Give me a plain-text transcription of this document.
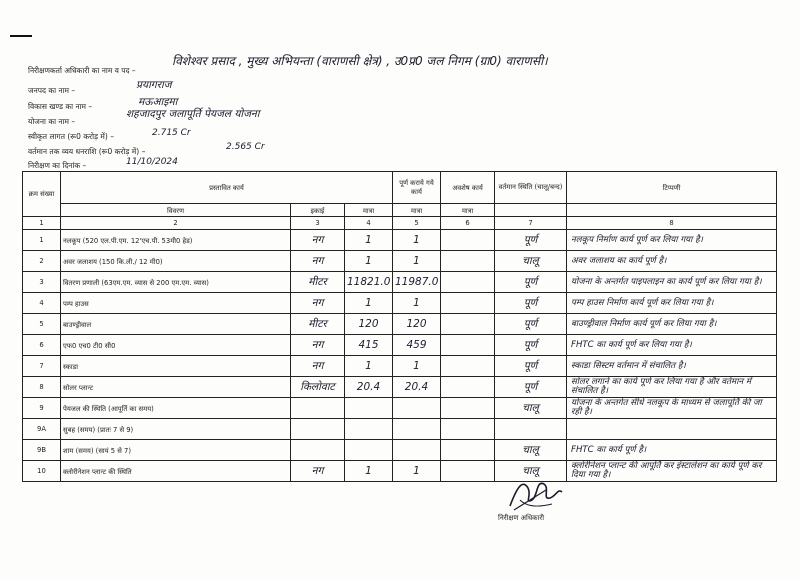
निरीक्षणकर्ता अधिकारी का नाम व पद –
विशेश्वर प्रसाद , मुख्य अभियन्ता (वाराणसी क्षेत्र) , उ0प्र0 जल निगम (ग्रा0) वाराणसी।
जनपद का नाम –	प्रयागराज
विकास खण्ड का नाम –	मऊआइमा
योजना का नाम –
शहजादपुर जलापूर्ति पेयजल योजना
स्वीकृत लागत (रू0 करोड़ में) –	2.715 Cr
वर्तमान तक व्यय धनराशि (रू0 करोड़ में) –	2.565 Cr
निरीक्षण का दिनांक –	11/10/2024
क्रम संख्या	प्रस्तावित कार्य			पूर्ण कराये गये कार्य	अवशेष कार्य	वर्तमान स्थिति (चालू/बन्द)	टिप्पणी
	विवरण	इकाई	मात्रा	मात्रा	मात्रा		
1	2	3	4	5	6	7	8
1	नलकूप (520 एल.पी.एम. 12'एच.पी. 53मी0 हेड)	नग	1	1		पूर्ण	नलकूप निर्माण कार्य पूर्ण कर लिया गया है।
2	अवर जलाशय (150 कि.ली./ 12 मी0)	नग	1	1		चालू	अवर जलाशय का कार्य पूर्ण है।
3	वितरण प्रणाली (63एम.एम. व्यास से 200 एम.एम. व्यास)	मीटर	11821.0	11987.0		पूर्ण	योजना के अन्तर्गत पाइपलाइन का कार्य पूर्ण कर लिया गया है।
4	पम्प हाउस	नग	1	1		पूर्ण	पम्प हाउस निर्माण कार्य पूर्ण कर लिया गया है।
5	बाउण्ड्रीवाल	मीटर	120	120		पूर्ण	बाउण्ड्रीवाल निर्माण कार्य पूर्ण कर लिया गया है।
6	एफ0 एच0 टी0 सी0	नग	415	459		पूर्ण	FHTC का कार्य पूर्ण कर लिया गया है।
7	स्काडा	नग	1	1		पूर्ण	स्काडा सिस्टम वर्तमान में संचालित है।
8	सोलर प्लान्ट	किलोवाट	20.4	20.4		पूर्ण	सोलर लगाने का कार्य पूर्ण कर लिया गया है और वर्तमान में संचालित है।
9	पेयजल की स्थिति (आपूर्ति का समय)					चालू	योजना के अन्तर्गत सीधे नलकूप के माध्यम से जलापूर्ति की जा रही है।
9A	सुबह (समय) (प्रातः 7 से 9)						
9B	शाम (समय) (सायं 5 से 7)					चालू	FHTC का कार्य पूर्ण है।
10	क्लोरीनेशन प्लान्ट की स्थिति	नग	1	1		चालू	क्लोरीनेशन प्लान्ट की आपूर्ति कर इंस्टालेशन का कार्य पूर्ण कर दिया गया है।
निरीक्षण अधिकारी
